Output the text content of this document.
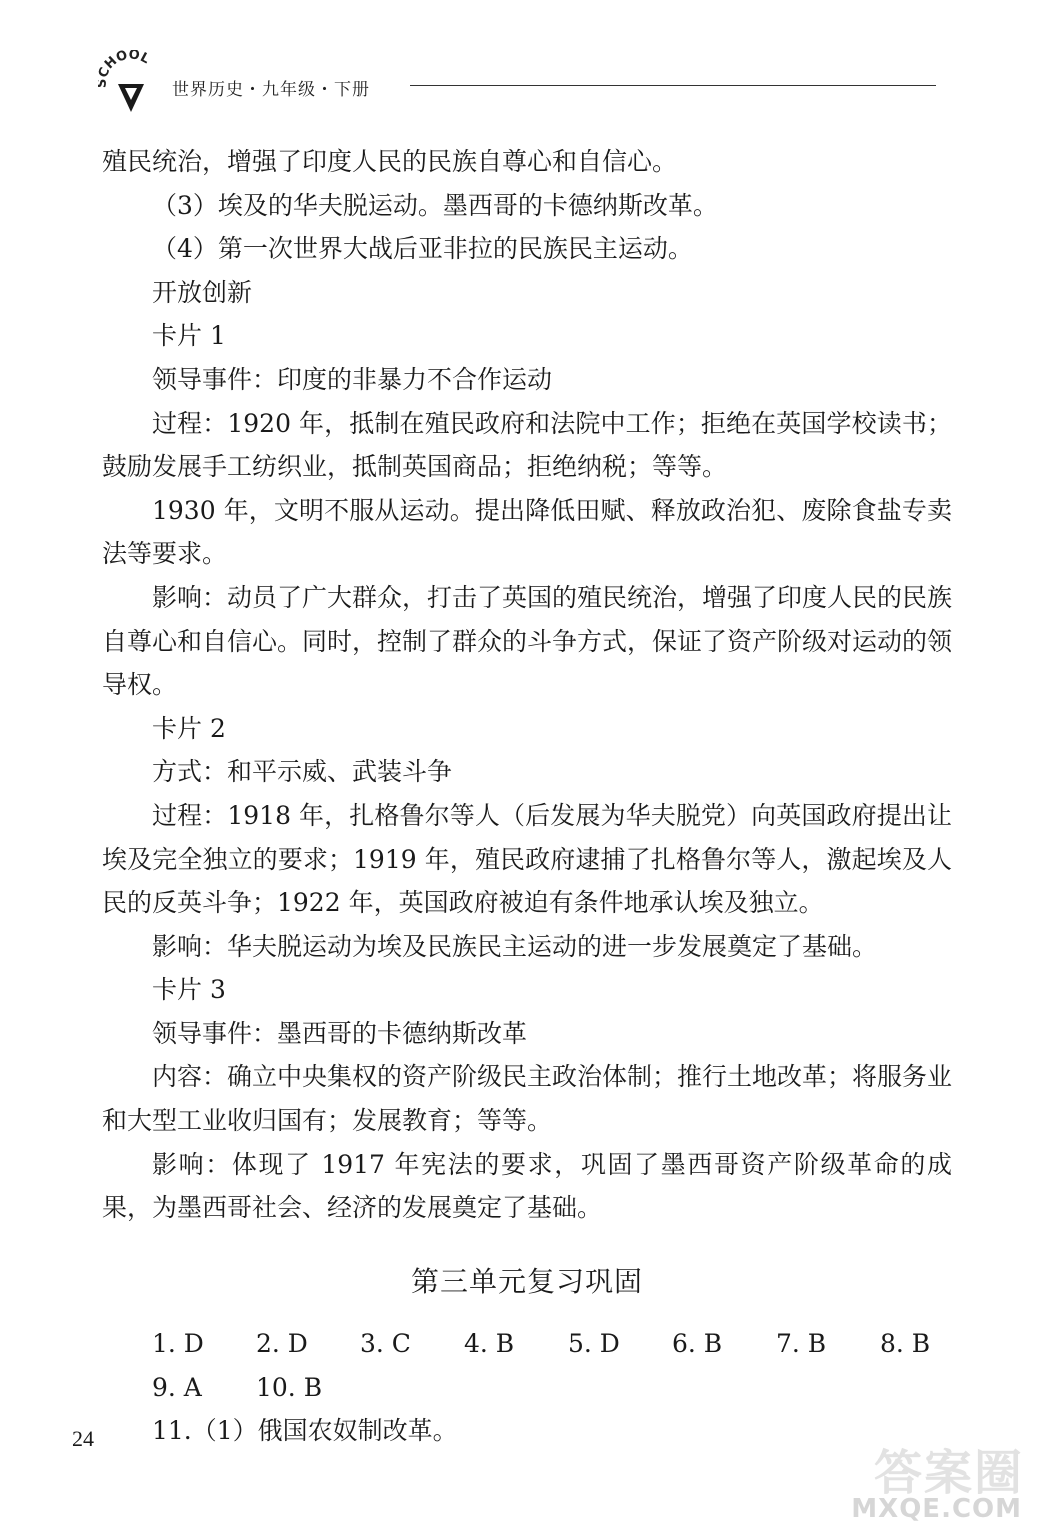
HOOL
世界历史・九年级・下册

殖民统治，增强了印度人民的民族自尊心和自信心。

（3）埃及的华夫脱运动。墨西哥的卡德纳斯改革。

（4）第一次世界大战后亚非拉的民族民主运动。

开放创新

卡片 1

领导事件：印度的非暴力不合作运动

过程：1920 年，抵制在殖民政府和法院中工作；拒绝在英国学校读书；鼓励发展手工纺织业，抵制英国商品；拒绝纳税；等等。

1930 年，文明不服从运动。提出降低田赋、释放政治犯、废除食盐专卖法等要求。

影响：动员了广大群众，打击了英国的殖民统治，增强了印度人民的民族自尊心和自信心。同时，控制了群众的斗争方式，保证了资产阶级对运动的领导权。

卡片 2

方式：和平示威、武装斗争

过程：1918 年，扎格鲁尔等人（后发展为华夫脱党）向英国政府提出让埃及完全独立的要求；1919 年，殖民政府逮捕了扎格鲁尔等人，激起埃及人民的反英斗争；1922 年，英国政府被迫有条件地承认埃及独立。

影响：华夫脱运动为埃及民族民主运动的进一步发展奠定了基础。

卡片 3

领导事件：墨西哥的卡德纳斯改革

内容：确立中央集权的资产阶级民主政治体制；推行土地改革；将服务业和大型工业收归国有；发展教育；等等。

影响：体现了 1917 年宪法的要求，巩固了墨西哥资产阶级革命的成果，为墨西哥社会、经济的发展奠定了基础。

第三单元复习巩固
1. D	2. D	3. C	4. B	5. D	6. B	7. B	8. B
9. A	10. B

11.（1）俄国农奴制改革。

24
答案圈
MXQE.COM
